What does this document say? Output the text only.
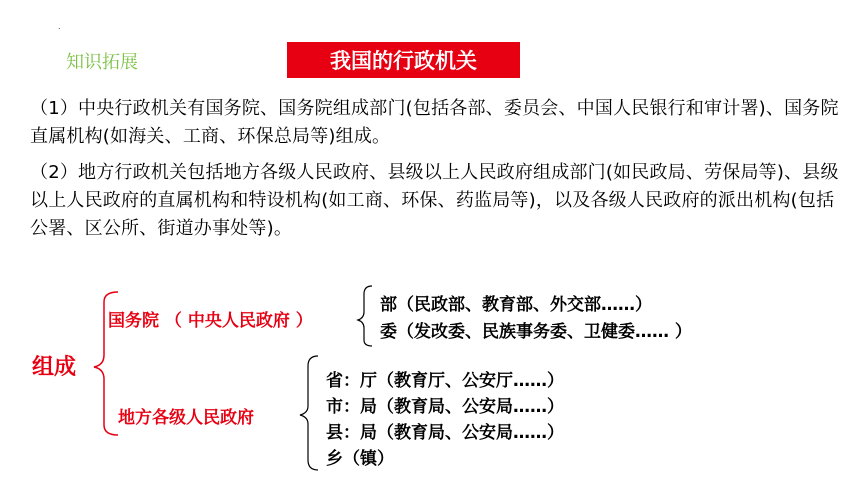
.
知识拓展	我国的行政机关
（1）中央行政机关有国务院、国务院组成部门(包括各部、委员会、中国人民银行和审计署)、国务院直属机构(如海关、工商、环保总局等)组成。
（2）地方行政机关包括地方各级人民政府、县级以上人民政府组成部门(如民政局、劳保局等)、县级以上人民政府的直属机构和特设机构(如工商、环保、药监局等)，以及各级人民政府的派出机构(包括公署、区公所、街道办事处等)。
组成
国务院 （ 中央人民政府 ）
地方各级人民政府
部（民政部、教育部、外交部……）
委（发改委、民族事务委、卫健委…… ）
省：厅（教育厅、公安厅……）
市：局（教育局、公安局……）
县：局（教育局、公安局……）
乡（镇）
